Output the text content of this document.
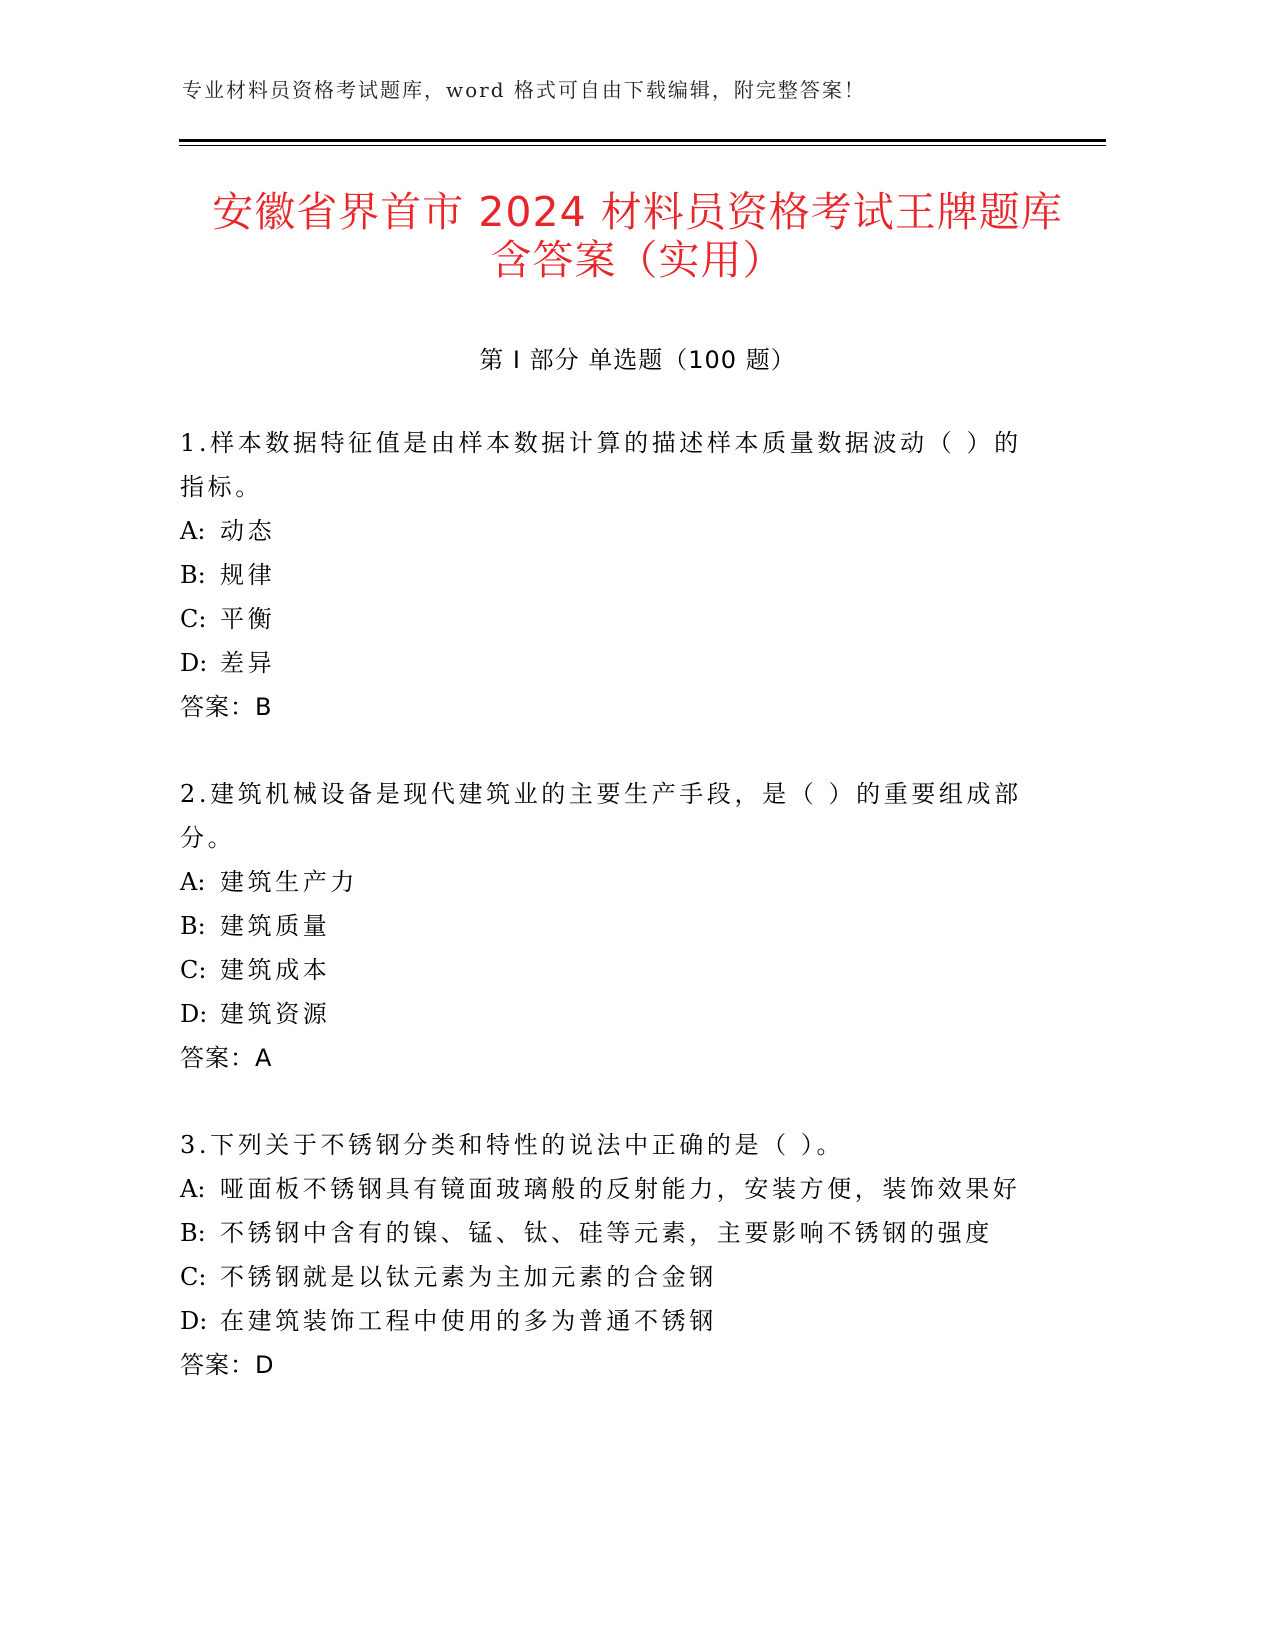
专业材料员资格考试题库，word 格式可自由下载编辑，附完整答案！
安徽省界首市 2024 材料员资格考试王牌题库
含答案（实用）
第 I 部分 单选题（100 题）
1.样本数据特征值是由样本数据计算的描述样本质量数据波动（ ）的指标。
A: 动态
B: 规律
C: 平衡
D: 差异
答案：B
2.建筑机械设备是现代建筑业的主要生产手段，是（ ）的重要组成部分。
A: 建筑生产力
B: 建筑质量
C: 建筑成本
D: 建筑资源
答案：A
3.下列关于不锈钢分类和特性的说法中正确的是（ ）。
A: 哑面板不锈钢具有镜面玻璃般的反射能力，安装方便，装饰效果好
B: 不锈钢中含有的镍、锰、钛、硅等元素，主要影响不锈钢的强度
C: 不锈钢就是以钛元素为主加元素的合金钢
D: 在建筑装饰工程中使用的多为普通不锈钢
答案：D
